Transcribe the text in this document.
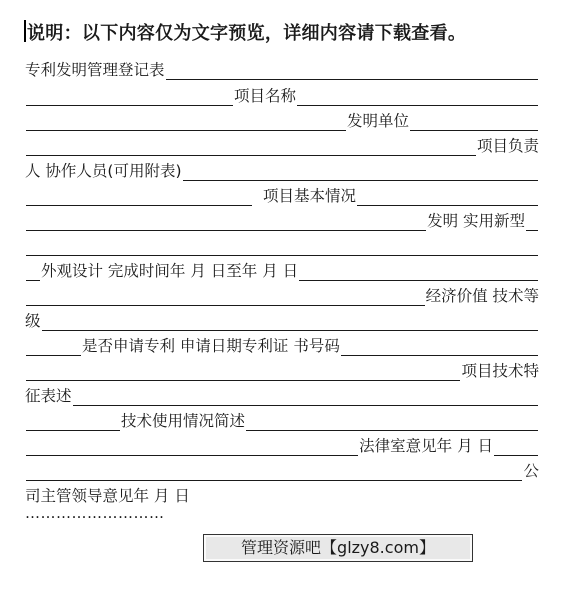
说明：以下内容仅为文字预览，详细内容请下载查看。
专利发明管理登记表
项目名称
发明单位
项目负责
人 协作人员(可用附表)
项目基本情况
发明 实用新型
外观设计 完成时间年 月 日至年 月 日
经济价值 技术等
级
是否申请专利 申请日期专利证 书号码
项目技术特
征表述
技术使用情况简述
法律室意见年 月 日
公
司主管领导意见年 月 日
………………………
管理资源吧【glzy8.com】
